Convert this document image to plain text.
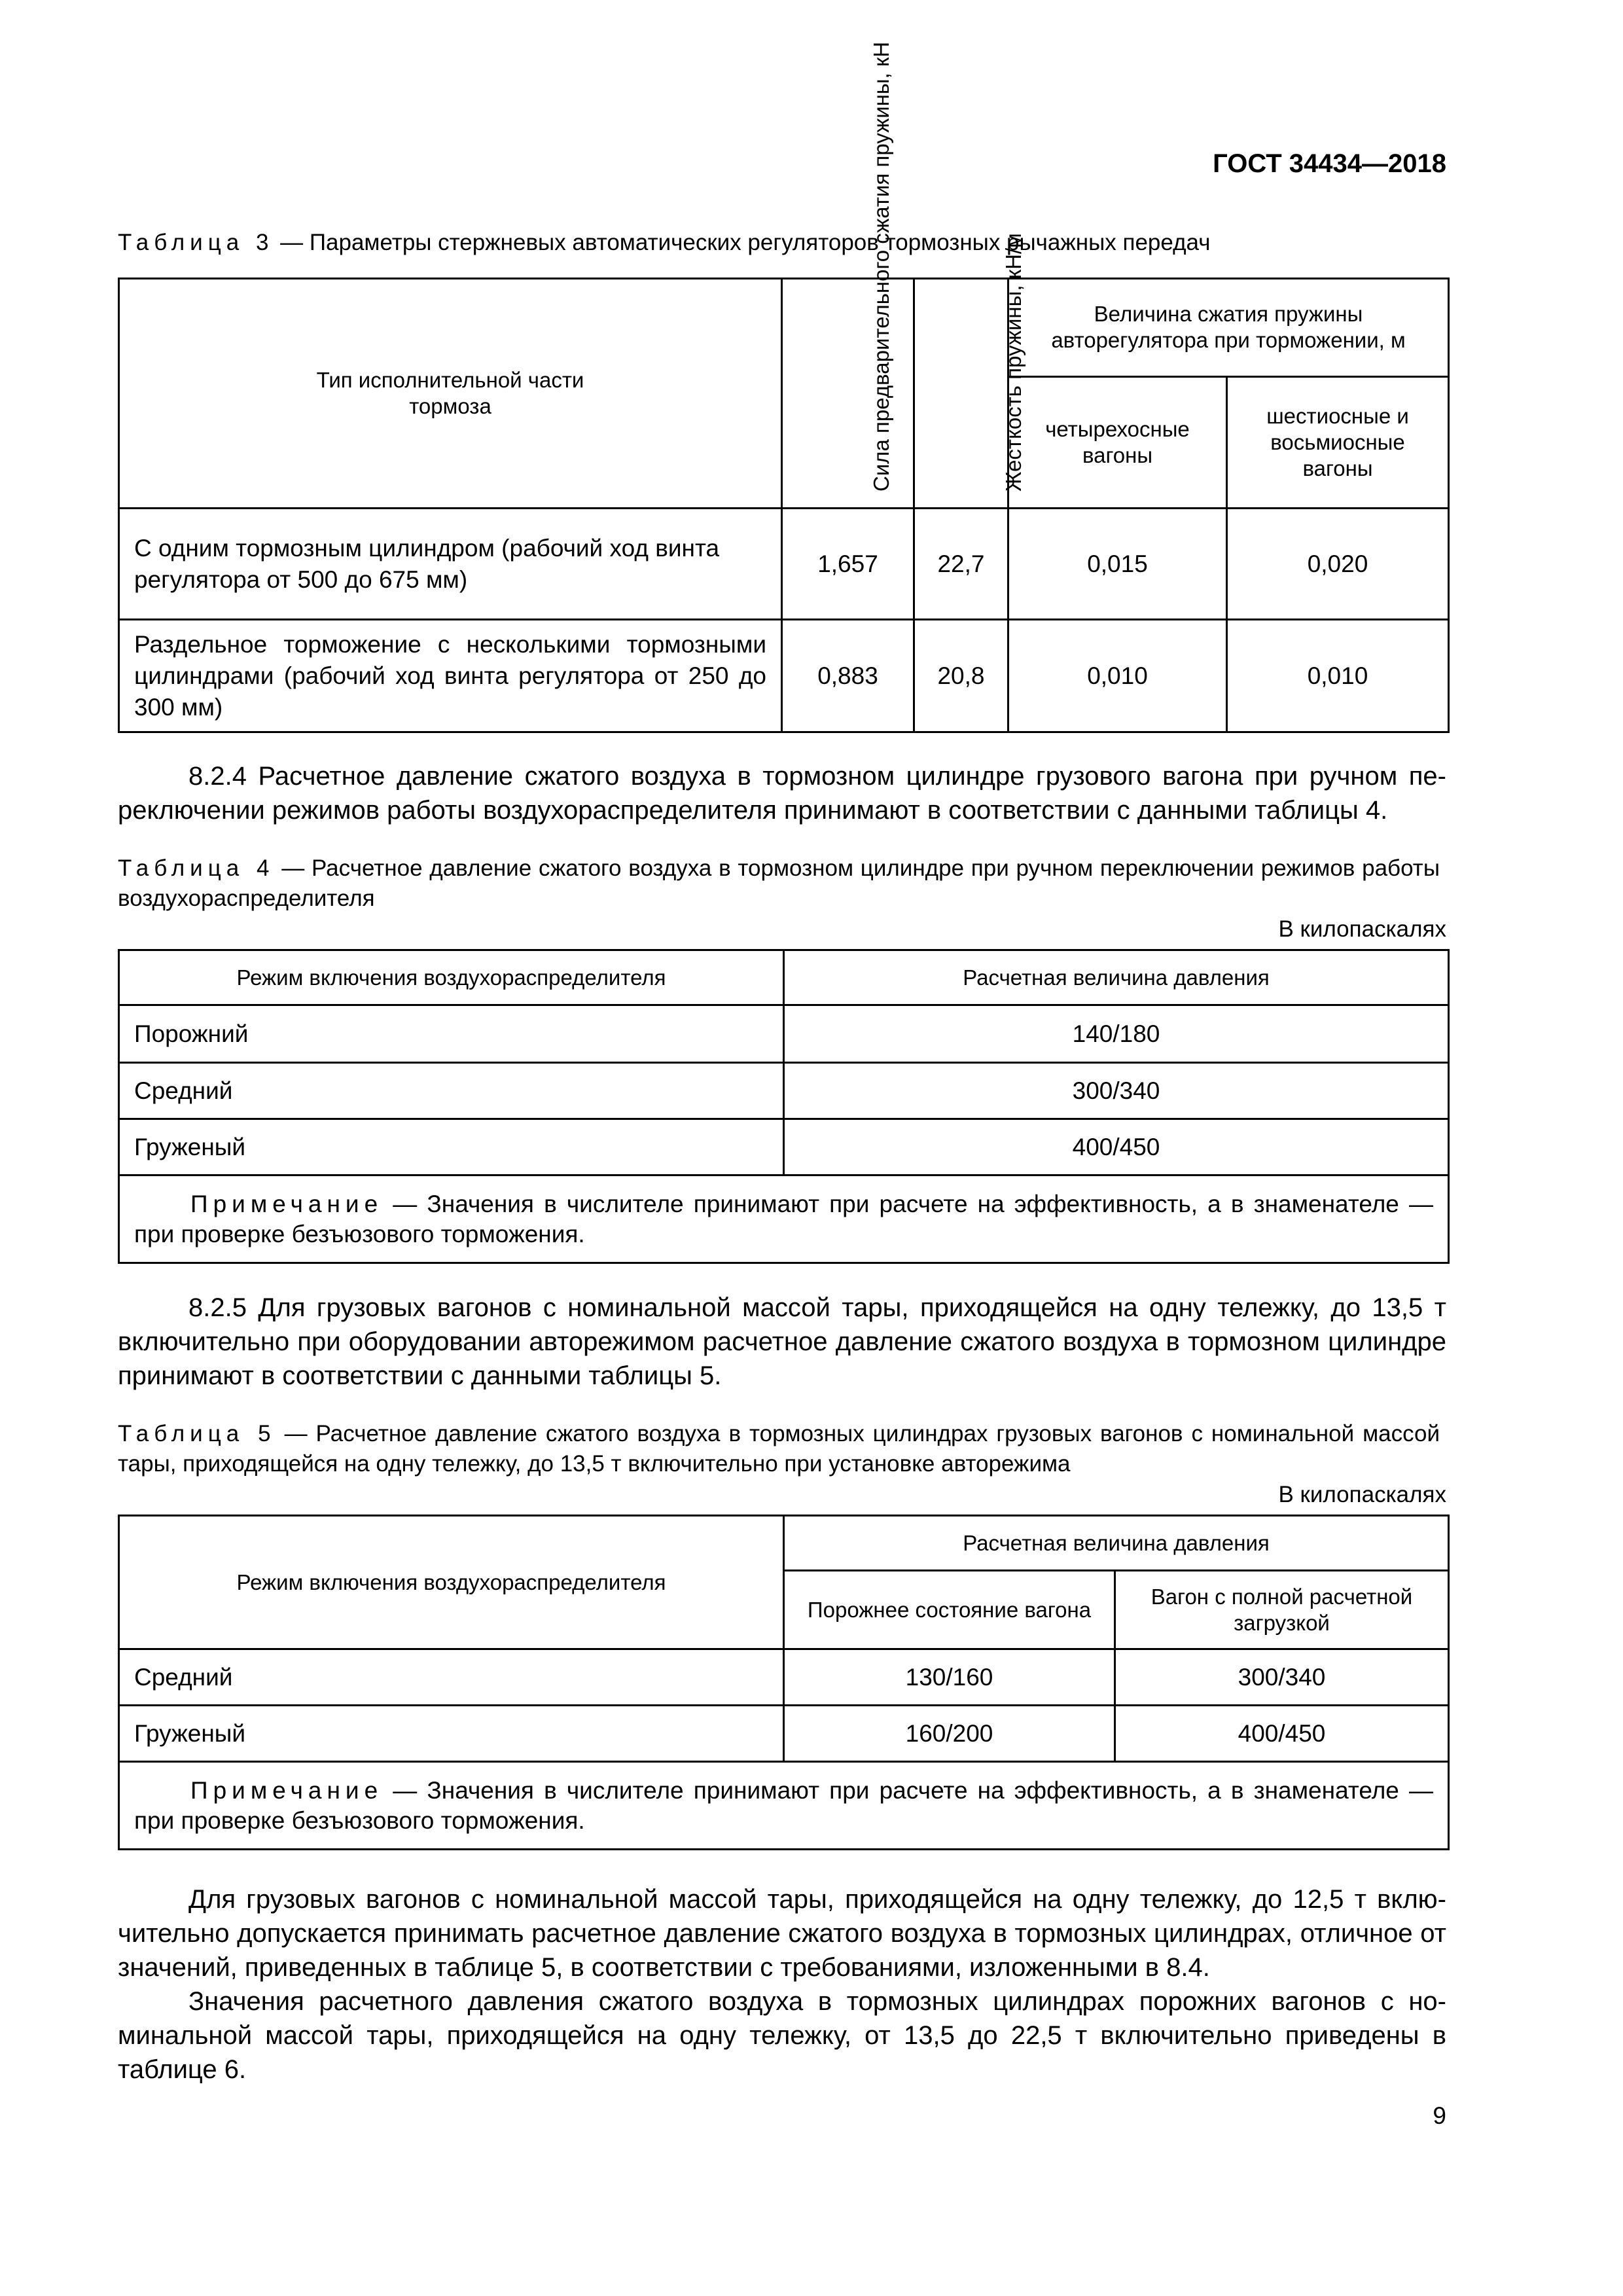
ГОСТ 34434—2018
Таблица 3 — Параметры стержневых автоматических регуляторов тормозных рычажных передач
Тип исполнительной части тормоза	Сила предварительного сжатия пружины, кН	Жесткость пружины, кН/м	Величина сжатия пружины авторегулятора при торможении, м	
			четырехосные вагоны	шестиосные и восьмиосные вагоны
С одним тормозным цилиндром (рабочий ход винта регулятора от 500 до 675 мм)	1,657	22,7	0,015	0,020
Раздельное торможение с несколькими тормозными цилиндрами (рабочий ход винта регулятора от 250 до 300 мм)	0,883	20,8	0,010	0,010

8.2.4 Расчетное давление сжатого воздуха в тормозном цилиндре грузового вагона при ручном переключении режимов работы воздухораспределителя принимают в соответствии с данными таблицы 4.

Таблица 4 — Расчетное давление сжатого воздуха в тормозном цилиндре при ручном переключении режимов работы воздухораспределителя
В килопаскалях
Режим включения воздухораспределителя	Расчетная величина давления
Порожний	140/180
Средний	300/340
Груженый	400/450
Примечание — Значения в числителе принимают при расчете на эффективность, а в знаменателе — при проверке безъюзового торможения.	

8.2.5 Для грузовых вагонов с номинальной массой тары, приходящейся на одну тележку, до 13,5 т включительно при оборудовании авторежимом расчетное давление сжатого воздуха в тормозном цилиндре принимают в соответствии с данными таблицы 5.

Таблица 5 — Расчетное давление сжатого воздуха в тормозных цилиндрах грузовых вагонов с номинальной массой тары, приходящейся на одну тележку, до 13,5 т включительно при установке авторежима
В килопаскалях
Режим включения воздухораспределителя	Расчетная величина давления	
	Порожнее состояние вагона	Вагон с полной расчетной загрузкой
Средний	130/160	300/340
Груженый	160/200	400/450
Примечание — Значения в числителе принимают при расчете на эффективность, а в знаменателе — при проверке безъюзового торможения.		

Для грузовых вагонов с номинальной массой тары, приходящейся на одну тележку, до 12,5 т включительно допускается принимать расчетное давление сжатого воздуха в тормозных цилиндрах, отличное от значений, приведенных в таблице 5, в соответствии с требованиями, изложенными в 8.4.

Значения расчетного давления сжатого воздуха в тормозных цилиндрах порожних вагонов с номинальной массой тары, приходящейся на одну тележку, от 13,5 до 22,5 т включительно приведены в таблице 6.

9
